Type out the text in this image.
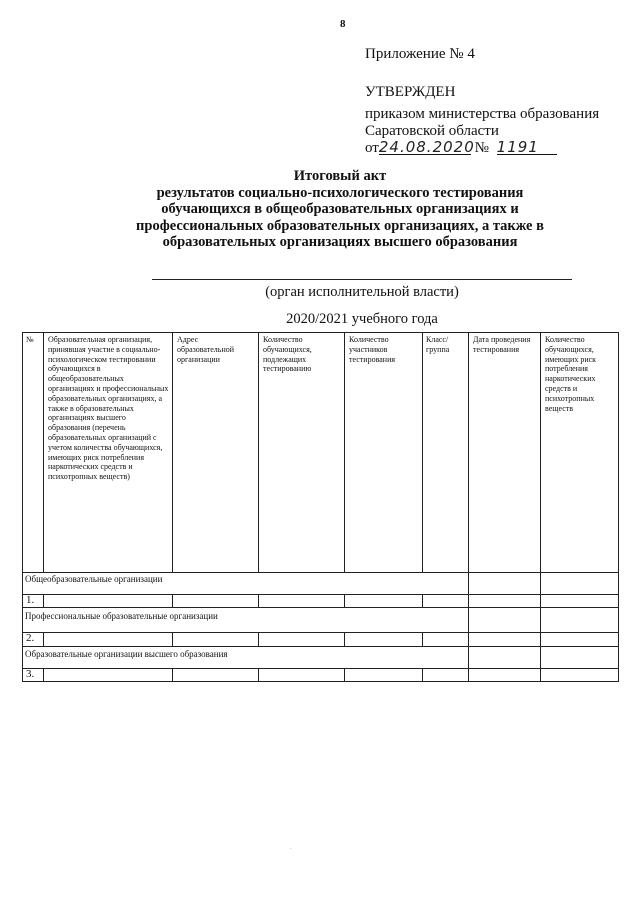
8
Приложение № 4
УТВЕРЖДЕН
приказом министерства образования
Саратовской области
от24.08.2020 № 1191
Итоговый акт
результатов социально-психологического тестирования
обучающихся в общеобразовательных организациях и
профессиональных образовательных организациях, а также в
образовательных организациях высшего образования
(орган исполнительной власти)
2020/2021 учебного года
№	Образовательная организация, принявшая участие в социально-психологическом тестировании обучающихся в общеобразовательных организациях и профессиональных образовательных организациях, а также в образовательных организациях высшего образования (перечень образовательных организаций с учетом количества обучающихся, имеющих риск потребления наркотических средств и психотропных веществ)
Адрес образовательной организации
Количество обучающихся, подлежащих тестированию
Количество участников тестирования
Класс/ группа
Дата проведения тестирования
Количество обучающихся, имеющих риск потребления наркотических средств и психотропных веществ
Общеобразовательные организации
1.
Профессиональные образовательные организации
2.
Образовательные организации высшего образования
3.
.
